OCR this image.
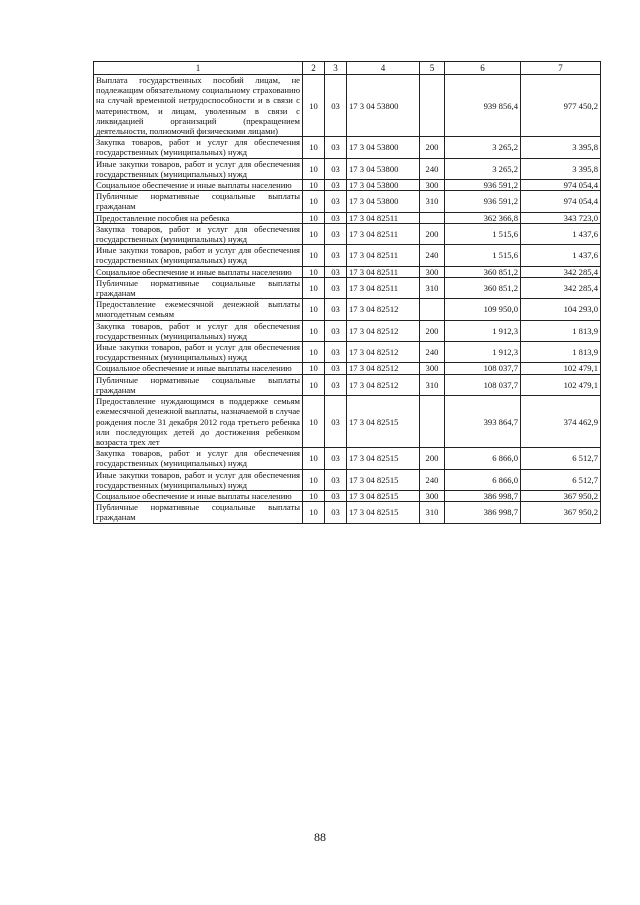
1	2	3	4	5	6	7
Выплата государственных пособий лицам, не подлежащим обязательному социальному страхованию на случай временной нетрудоспособности и в связи с материнством, и лицам, уволенным в связи с ликвидацией организаций (прекращением деятельности, полномочий физическими лицами)	10	03	17 3 04 53800		939 856,4	977 450,2
Закупка товаров, работ и услуг для обеспечения государственных (муниципальных) нужд	10	03	17 3 04 53800	200	3 265,2	3 395,8
Иные закупки товаров, работ и услуг для обеспечения государственных (муниципальных) нужд	10	03	17 3 04 53800	240	3 265,2	3 395,8
Социальное обеспечение и иные выплаты населению	10	03	17 3 04 53800	300	936 591,2	974 054,4
Публичные нормативные социальные выплаты гражданам	10	03	17 3 04 53800	310	936 591,2	974 054,4
Предоставление пособия на ребенка	10	03	17 3 04 82511		362 366,8	343 723,0
Закупка товаров, работ и услуг для обеспечения государственных (муниципальных) нужд	10	03	17 3 04 82511	200	1 515,6	1 437,6
Иные закупки товаров, работ и услуг для обеспечения государственных (муниципальных) нужд	10	03	17 3 04 82511	240	1 515,6	1 437,6
Социальное обеспечение и иные выплаты населению	10	03	17 3 04 82511	300	360 851,2	342 285,4
Публичные нормативные социальные выплаты гражданам	10	03	17 3 04 82511	310	360 851,2	342 285,4
Предоставление ежемесячной денежной выплаты многодетным семьям	10	03	17 3 04 82512		109 950,0	104 293,0
Закупка товаров, работ и услуг для обеспечения государственных (муниципальных) нужд	10	03	17 3 04 82512	200	1 912,3	1 813,9
Иные закупки товаров, работ и услуг для обеспечения государственных (муниципальных) нужд	10	03	17 3 04 82512	240	1 912,3	1 813,9
Социальное обеспечение и иные выплаты населению	10	03	17 3 04 82512	300	108 037,7	102 479,1
Публичные нормативные социальные выплаты гражданам	10	03	17 3 04 82512	310	108 037,7	102 479,1
Предоставление нуждающимся в поддержке семьям ежемесячной денежной выплаты, назначаемой в случае рождения после 31 декабря 2012 года третьего ребенка или последующих детей до достижения ребенком возраста трех лет	10	03	17 3 04 82515		393 864,7	374 462,9
Закупка товаров, работ и услуг для обеспечения государственных (муниципальных) нужд	10	03	17 3 04 82515	200	6 866,0	6 512,7
Иные закупки товаров, работ и услуг для обеспечения государственных (муниципальных) нужд	10	03	17 3 04 82515	240	6 866,0	6 512,7
Социальное обеспечение и иные выплаты населению	10	03	17 3 04 82515	300	386 998,7	367 950,2
Публичные нормативные социальные выплаты гражданам	10	03	17 3 04 82515	310	386 998,7	367 950,2
88
